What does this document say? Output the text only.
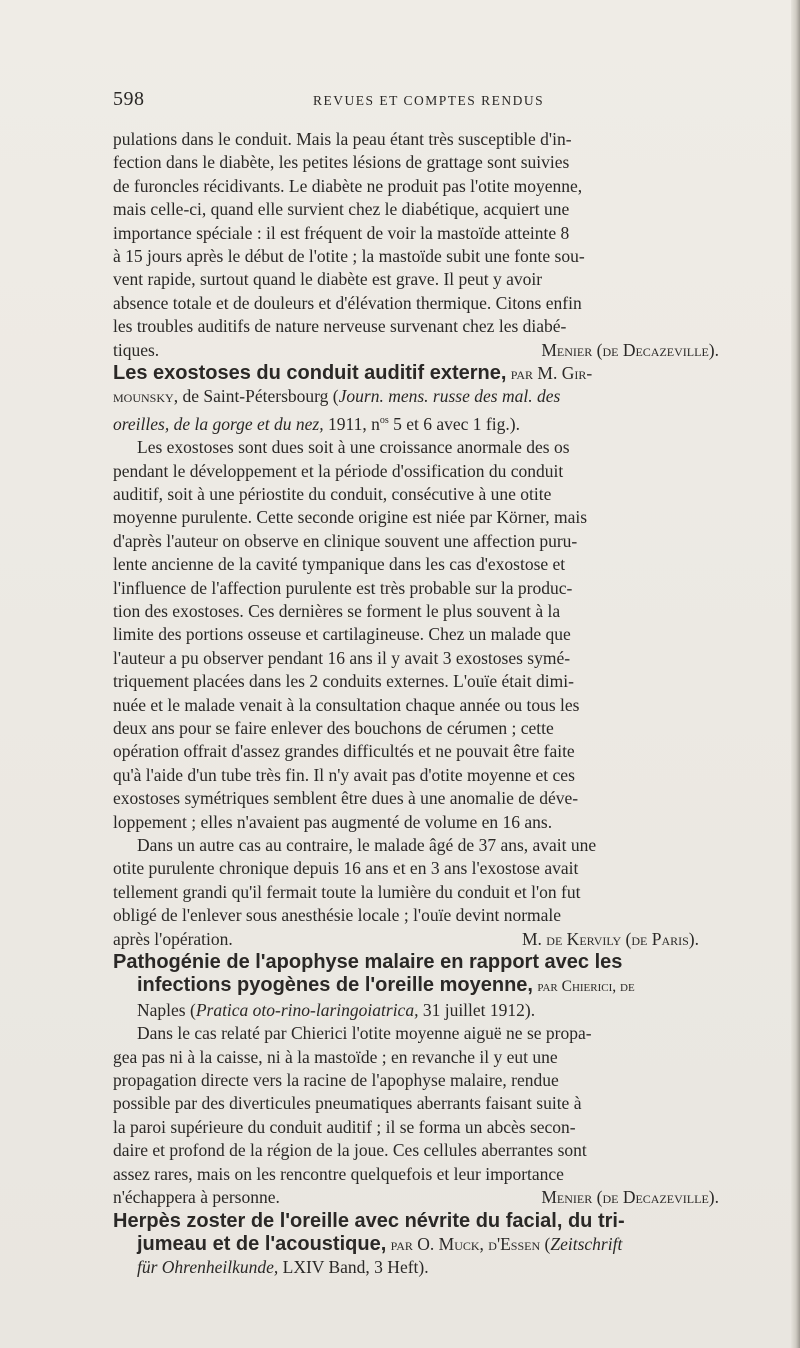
598	REVUES ET COMPTES RENDUS

pulations dans le conduit. Mais la peau étant très susceptible d'in-
fection dans le diabète, les petites lésions de grattage sont suivies
de furoncles récidivants. Le diabète ne produit pas l'otite moyenne,
mais celle-ci, quand elle survient chez le diabétique, acquiert une
importance spéciale : il est fréquent de voir la mastoïde atteinte 8
à 15 jours après le début de l'otite ; la mastoïde subit une fonte sou-
vent rapide, surtout quand le diabète est grave. Il peut y avoir
absence totale et de douleurs et d'élévation thermique. Citons enfin
les troubles auditifs de nature nerveuse survenant chez les diabé-
tiques.	Menier (de Decazeville).

Les exostoses du conduit auditif externe, par M. Gir-
mounsky, de Saint-Pétersbourg (Journ. mens. russe des mal. des
oreilles, de la gorge et du nez, 1911, $n^{os}$ 5 et 6 avec 1 fig.).

Les exostoses sont dues soit à une croissance anormale des os
pendant le développement et la période d'ossification du conduit
auditif, soit à une périostite du conduit, consécutive à une otite
moyenne purulente. Cette seconde origine est niée par Körner, mais
d'après l'auteur on observe en clinique souvent une affection puru-
lente ancienne de la cavité tympanique dans les cas d'exostose et
l'influence de l'affection purulente est très probable sur la produc-
tion des exostoses. Ces dernières se forment le plus souvent à la
limite des portions osseuse et cartilagineuse. Chez un malade que
l'auteur a pu observer pendant 16 ans il y avait 3 exostoses symé-
triquement placées dans les 2 conduits externes. L'ouïe était dimi-
nuée et le malade venait à la consultation chaque année ou tous les
deux ans pour se faire enlever des bouchons de cérumen ; cette
opération offrait d'assez grandes difficultés et ne pouvait être faite
qu'à l'aide d'un tube très fin. Il n'y avait pas d'otite moyenne et ces
exostoses symétriques semblent être dues à une anomalie de déve-
loppement ; elles n'avaient pas augmenté de volume en 16 ans.

Dans un autre cas au contraire, le malade âgé de 37 ans, avait une
otite purulente chronique depuis 16 ans et en 3 ans l'exostose avait
tellement grandi qu'il fermait toute la lumière du conduit et l'on fut
obligé de l'enlever sous anesthésie locale ; l'ouïe devint normale
après l'opération.	M. de Kervily (de Paris).

Pathogénie de l'apophyse malaire en rapport avec les
infections pyogènes de l'oreille moyenne, par Chierici, de
Naples (Pratica oto-rino-laringoiatrica, 31 juillet 1912).

Dans le cas relaté par Chierici l'otite moyenne aiguë ne se propa-
gea pas ni à la caisse, ni à la mastoïde ; en revanche il y eut une
propagation directe vers la racine de l'apophyse malaire, rendue
possible par des diverticules pneumatiques aberrants faisant suite à
la paroi supérieure du conduit auditif ; il se forma un abcès secon-
daire et profond de la région de la joue. Ces cellules aberrantes sont
assez rares, mais on les rencontre quelquefois et leur importance
n'échappera à personne.	Menier (de Decazeville).

Herpès zoster de l'oreille avec névrite du facial, du tri-
jumeau et de l'acoustique, par O. Muck, d'Essen (Zeitschrift
für Ohrenheilkunde, LXIV Band, 3 Heft).
